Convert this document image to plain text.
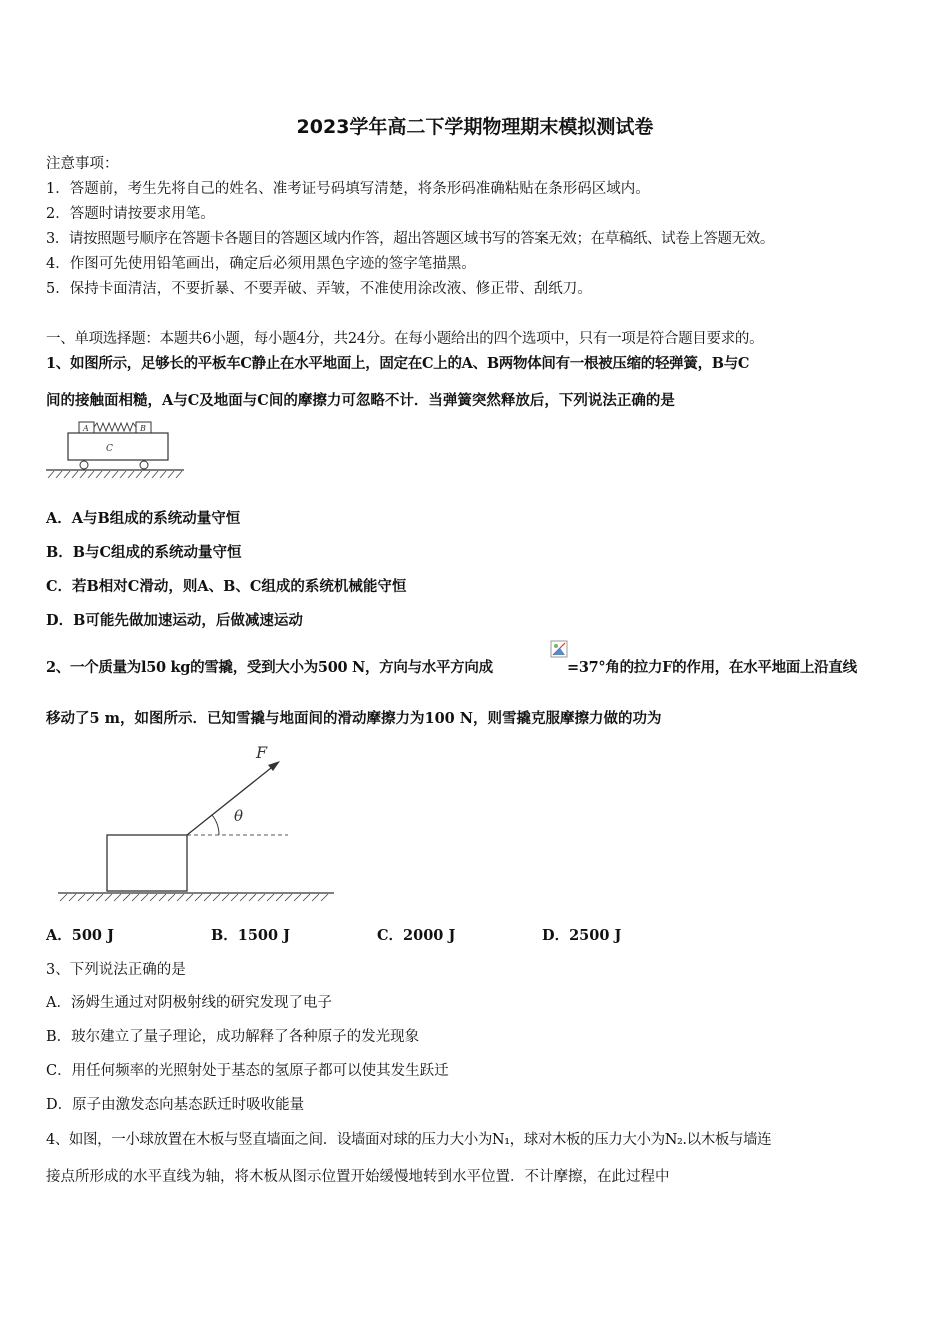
2023学年高二下学期物理期末模拟测试卷
注意事项：
1．答题前，考生先将自己的姓名、准考证号码填写清楚，将条形码准确粘贴在条形码区域内。
2．答题时请按要求用笔。
3．请按照题号顺序在答题卡各题目的答题区域内作答，超出答题区域书写的答案无效；在草稿纸、试卷上答题无效。
4．作图可先使用铅笔画出，确定后必须用黑色字迹的签字笔描黑。
5．保持卡面清洁，不要折暴、不要弄破、弄皱，不准使用涂改液、修正带、刮纸刀。
一、单项选择题：本题共6小题，每小题4分，共24分。在每小题给出的四个选项中，只有一项是符合题目要求的。
1、如图所示，足够长的平板车C静止在水平地面上，固定在C上的A、B两物体间有一根被压缩的轻弹簧，B与C
间的接触面相糙，A与C及地面与C间的摩擦力可忽略不计．当弹簧突然释放后，下列说法正确的是
A	B
C
A．A与B组成的系统动量守恒
B．B与C组成的系统动量守恒
C．若B相对C滑动，则A、B、C组成的系统机械能守恒
D．B可能先做加速运动，后做减速运动
2、一个质量为l50 kg的雪撬，受到大小为500 N，方向与水平方向成	=37°角的拉力F的作用，在水平地面上沿直线
移动了5 m，如图所示．已知雪撬与地面间的滑动摩擦力为100 N，则雪撬克服摩擦力做的功为
F
θ
A．500 J	B．1500 J	C．2000 J	D．2500 J
3、下列说法正确的是
A．汤姆生通过对阴极射线的研究发现了电子
B．玻尔建立了量子理论，成功解释了各种原子的发光现象
C．用任何频率的光照射处于基态的氢原子都可以使其发生跃迁
D．原子由激发态向基态跃迁时吸收能量
4、如图，一小球放置在木板与竖直墙面之间．设墙面对球的压力大小为N₁，球对木板的压力大小为N₂.以木板与墙连
接点所形成的水平直线为轴，将木板从图示位置开始缓慢地转到水平位置．不计摩擦，在此过程中
